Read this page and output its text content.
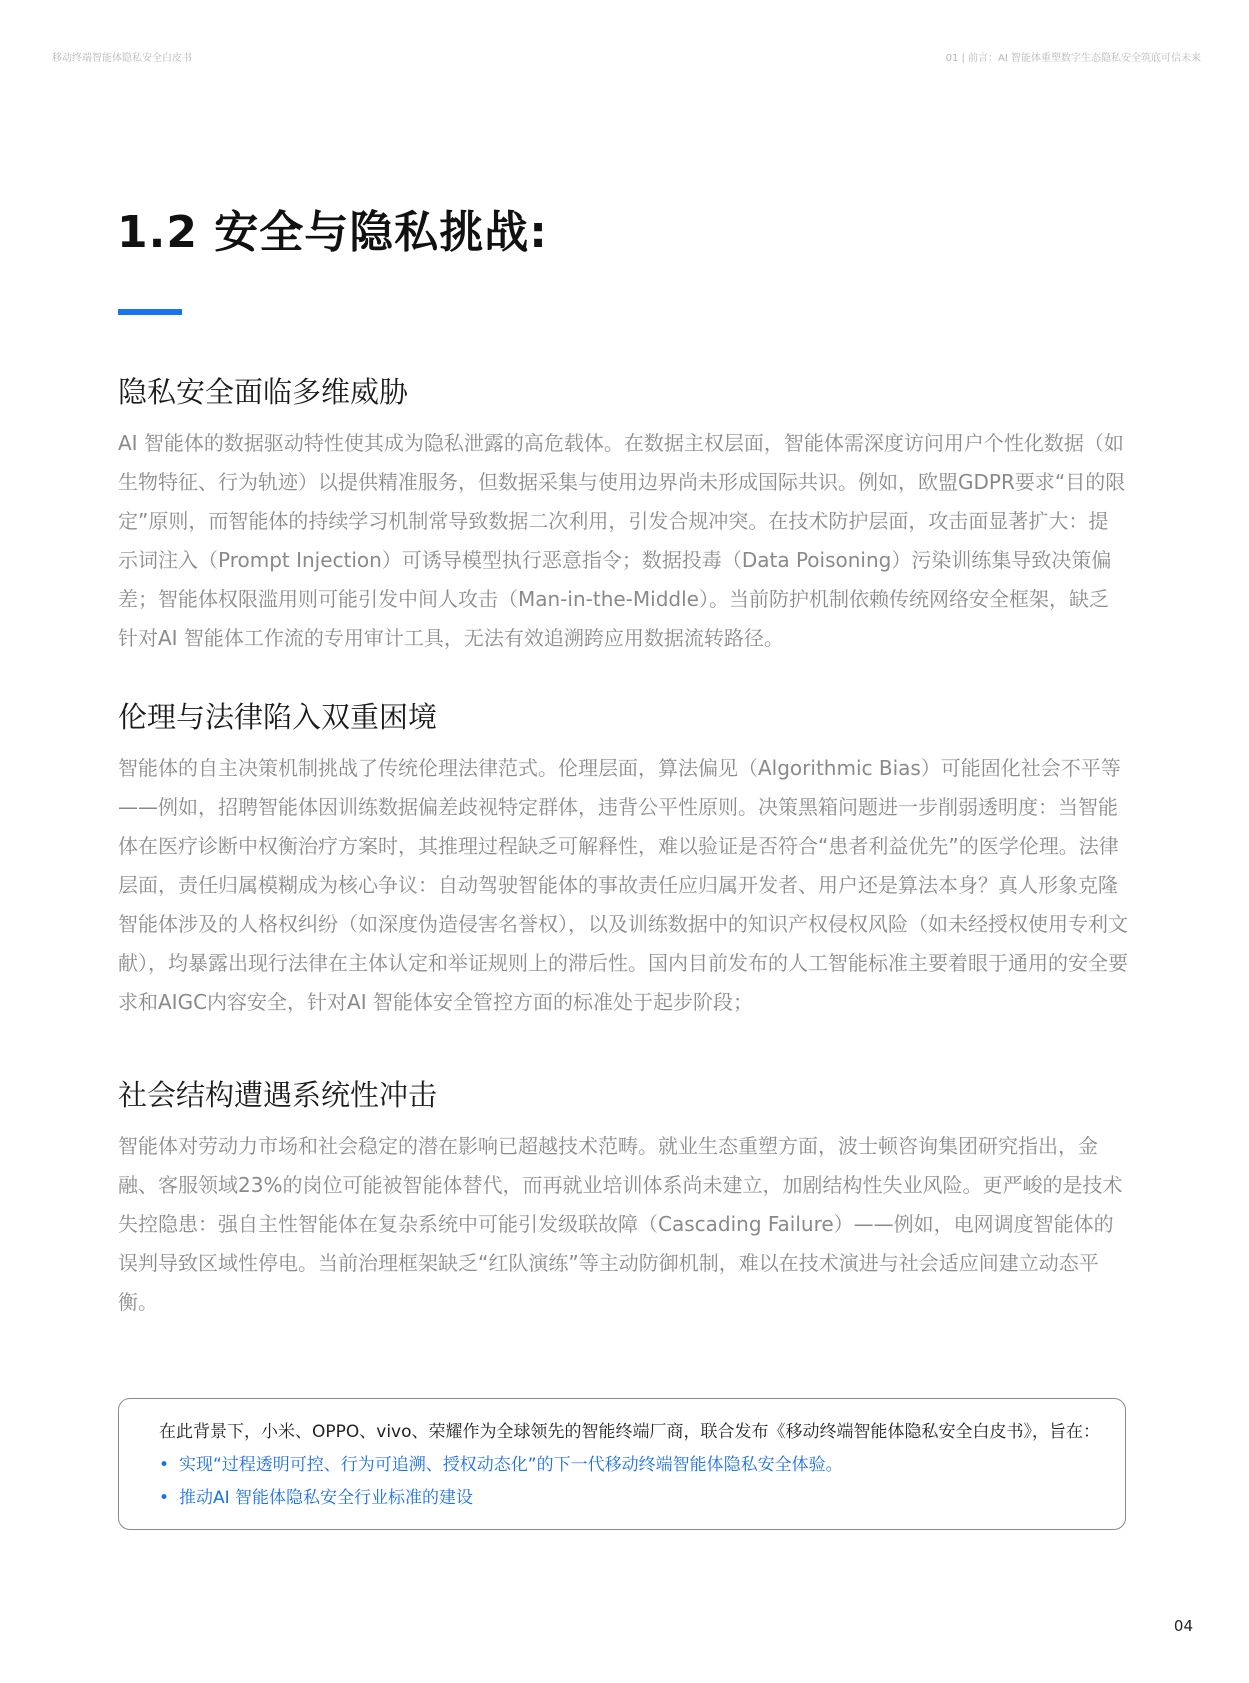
移动终端智能体隐私安全白皮书	01 | 前言：AI 智能体重塑数字生态隐私安全筑底可信未来
1.2 安全与隐私挑战:
隐私安全面临多维威胁

AI 智能体的数据驱动特性使其成为隐私泄露的高危载体。在数据主权层面，智能体需深度访问用户个性化数据（如生物特征、行为轨迹）以提供精准服务，但数据采集与使用边界尚未形成国际共识。例如，欧盟GDPR要求“目的限定”原则，而智能体的持续学习机制常导致数据二次利用，引发合规冲突。在技术防护层面，攻击面显著扩大：提示词注入（Prompt Injection）可诱导模型执行恶意指令；数据投毒（Data Poisoning）污染训练集导致决策偏差；智能体权限滥用则可能引发中间人攻击（Man-in-the-Middle）。当前防护机制依赖传统网络安全框架，缺乏针对AI 智能体工作流的专用审计工具，无法有效追溯跨应用数据流转路径。

伦理与法律陷入双重困境

智能体的自主决策机制挑战了传统伦理法律范式。伦理层面，算法偏见（Algorithmic Bias）可能固化社会不平等——例如，招聘智能体因训练数据偏差歧视特定群体，违背公平性原则。决策黑箱问题进一步削弱透明度：当智能体在医疗诊断中权衡治疗方案时，其推理过程缺乏可解释性，难以验证是否符合“患者利益优先”的医学伦理。法律层面，责任归属模糊成为核心争议：自动驾驶智能体的事故责任应归属开发者、用户还是算法本身？真人形象克隆智能体涉及的人格权纠纷（如深度伪造侵害名誉权），以及训练数据中的知识产权侵权风险（如未经授权使用专利文献），均暴露出现行法律在主体认定和举证规则上的滞后性。国内目前发布的人工智能标准主要着眼于通用的安全要求和AIGC内容安全，针对AI 智能体安全管控方面的标准处于起步阶段；

社会结构遭遇系统性冲击

智能体对劳动力市场和社会稳定的潜在影响已超越技术范畴。就业生态重塑方面，波士顿咨询集团研究指出，金融、客服领域23%的岗位可能被智能体替代，而再就业培训体系尚未建立，加剧结构性失业风险。更严峻的是技术失控隐患：强自主性智能体在复杂系统中可能引发级联故障（Cascading Failure）——例如，电网调度智能体的误判导致区域性停电。当前治理框架缺乏“红队演练”等主动防御机制，难以在技术演进与社会适应间建立动态平衡。

在此背景下，小米、OPPO、vivo、荣耀作为全球领先的智能终端厂商，联合发布《移动终端智能体隐私安全白皮书》，旨在：
• 实现“过程透明可控、行为可追溯、授权动态化”的下一代移动终端智能体隐私安全体验。
• 推动AI 智能体隐私安全行业标准的建设
04
